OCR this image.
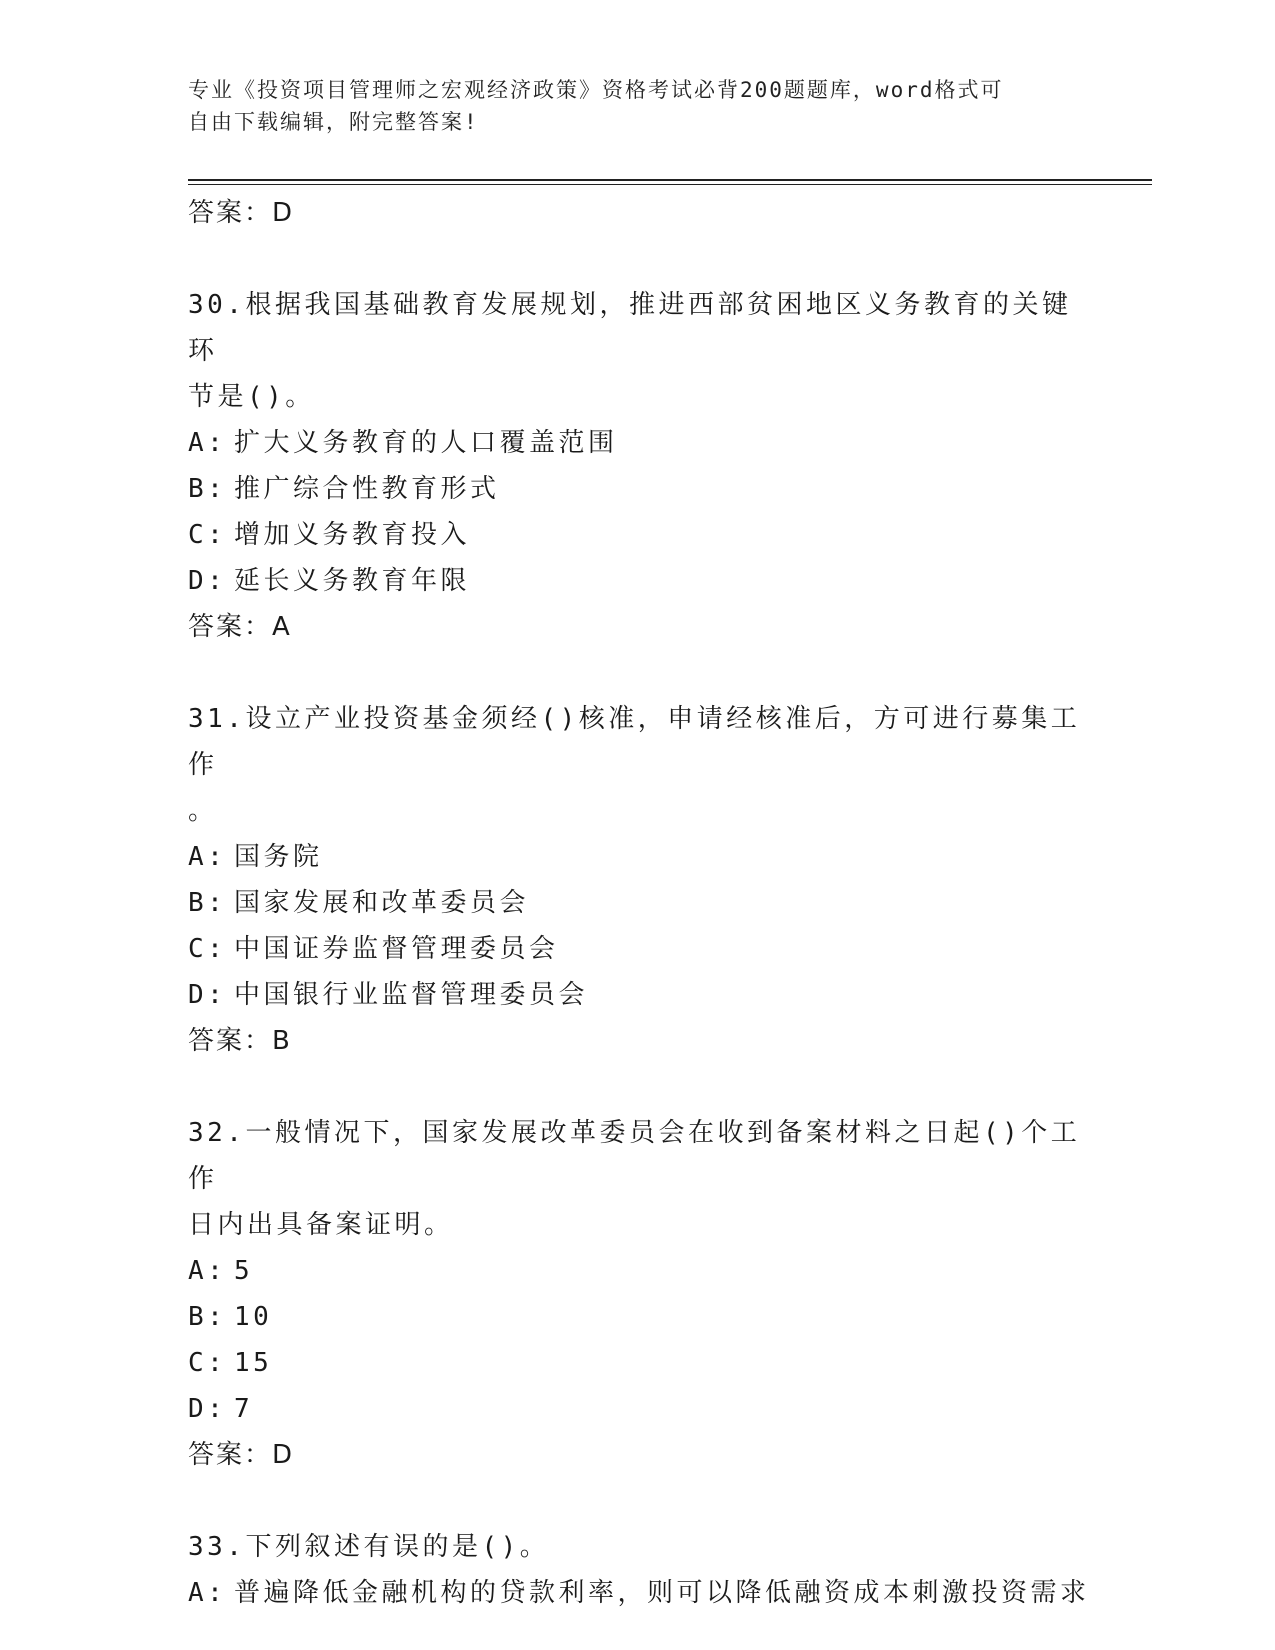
专业《投资项目管理师之宏观经济政策》资格考试必背200题题库，word格式可
自由下载编辑，附完整答案!
答案：D
30.根据我国基础教育发展规划，推进西部贫困地区义务教育的关键环
节是()。
A: 扩大义务教育的人口覆盖范围
B: 推广综合性教育形式
C: 增加义务教育投入
D: 延长义务教育年限
答案：A
31.设立产业投资基金须经()核准，申请经核准后，方可进行募集工作
。
A: 国务院
B: 国家发展和改革委员会
C: 中国证券监督管理委员会
D: 中国银行业监督管理委员会
答案：B
32.一般情况下，国家发展改革委员会在收到备案材料之日起()个工作
日内出具备案证明。
A: 5
B: 10
C: 15
D: 7
答案：D
33.下列叙述有误的是()。
A: 普遍降低金融机构的贷款利率，则可以降低融资成本刺激投资需求
